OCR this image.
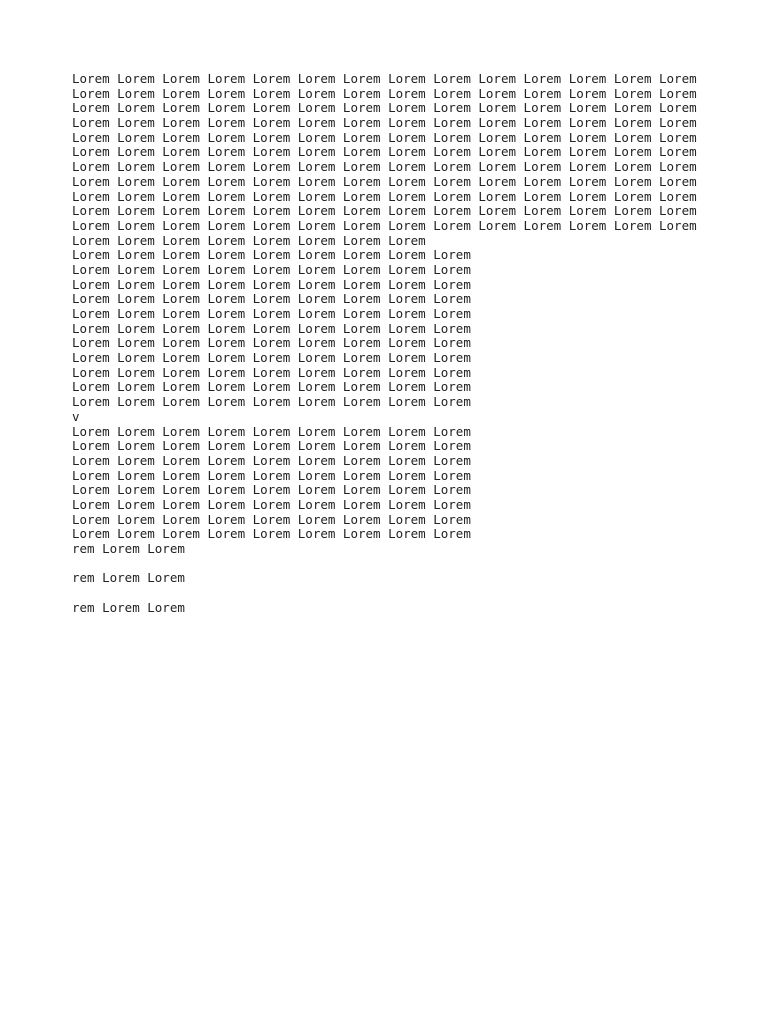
Lorem Lorem Lorem Lorem Lorem Lorem Lorem Lorem Lorem Lorem Lorem Lorem Lorem Lorem
Lorem Lorem Lorem Lorem Lorem Lorem Lorem Lorem Lorem Lorem Lorem Lorem Lorem Lorem
Lorem Lorem Lorem Lorem Lorem Lorem Lorem Lorem Lorem Lorem Lorem Lorem Lorem Lorem
Lorem Lorem Lorem Lorem Lorem Lorem Lorem Lorem Lorem Lorem Lorem Lorem Lorem Lorem
Lorem Lorem Lorem Lorem Lorem Lorem Lorem Lorem Lorem Lorem Lorem Lorem Lorem Lorem
Lorem Lorem Lorem Lorem Lorem Lorem Lorem Lorem Lorem Lorem Lorem Lorem Lorem Lorem
Lorem Lorem Lorem Lorem Lorem Lorem Lorem Lorem Lorem Lorem Lorem Lorem Lorem Lorem
Lorem Lorem Lorem Lorem Lorem Lorem Lorem Lorem Lorem Lorem Lorem Lorem Lorem Lorem
Lorem Lorem Lorem Lorem Lorem Lorem Lorem Lorem Lorem Lorem Lorem Lorem Lorem Lorem
Lorem Lorem Lorem Lorem Lorem Lorem Lorem Lorem Lorem Lorem Lorem Lorem Lorem Lorem
Lorem Lorem Lorem Lorem Lorem Lorem Lorem Lorem Lorem Lorem Lorem Lorem Lorem Lorem
Lorem Lorem Lorem Lorem Lorem Lorem Lorem Lorem
Lorem Lorem Lorem Lorem Lorem Lorem Lorem Lorem Lorem
Lorem Lorem Lorem Lorem Lorem Lorem Lorem Lorem Lorem
Lorem Lorem Lorem Lorem Lorem Lorem Lorem Lorem Lorem
Lorem Lorem Lorem Lorem Lorem Lorem Lorem Lorem Lorem
Lorem Lorem Lorem Lorem Lorem Lorem Lorem Lorem Lorem
Lorem Lorem Lorem Lorem Lorem Lorem Lorem Lorem Lorem
Lorem Lorem Lorem Lorem Lorem Lorem Lorem Lorem Lorem
Lorem Lorem Lorem Lorem Lorem Lorem Lorem Lorem Lorem
Lorem Lorem Lorem Lorem Lorem Lorem Lorem Lorem Lorem
Lorem Lorem Lorem Lorem Lorem Lorem Lorem Lorem Lorem
Lorem Lorem Lorem Lorem Lorem Lorem Lorem Lorem Lorem
v
Lorem Lorem Lorem Lorem Lorem Lorem Lorem Lorem Lorem
Lorem Lorem Lorem Lorem Lorem Lorem Lorem Lorem Lorem
Lorem Lorem Lorem Lorem Lorem Lorem Lorem Lorem Lorem
Lorem Lorem Lorem Lorem Lorem Lorem Lorem Lorem Lorem
Lorem Lorem Lorem Lorem Lorem Lorem Lorem Lorem Lorem
Lorem Lorem Lorem Lorem Lorem Lorem Lorem Lorem Lorem
Lorem Lorem Lorem Lorem Lorem Lorem Lorem Lorem Lorem
Lorem Lorem Lorem Lorem Lorem Lorem Lorem Lorem Lorem
rem Lorem Lorem
rem Lorem Lorem
rem Lorem Lorem
